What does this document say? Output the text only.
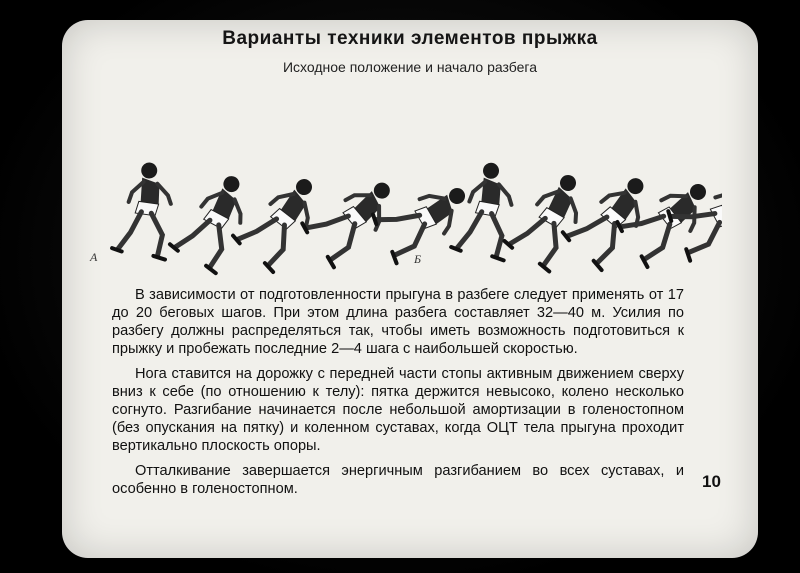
Варианты техники элементов прыжка
Исходное положение и начало разбега
А	Б

В зависимости от подготовленности прыгуна в разбеге следует применять от 17 до 20 беговых шагов. При этом длина разбега составляет 32—40 м. Усилия по разбегу должны распределяться так, чтобы иметь возможность подготовиться к прыжку и пробежать последние 2—4 шага с наибольшей скоростью.

Нога ставится на дорожку с передней части стопы активным движением сверху вниз к себе (по отношению к телу): пятка держится невысоко, колено несколько согнуто. Разгибание начинается после небольшой амортизации в голеностопном (без опускания на пятку) и коленном суставах, когда ОЦТ тела прыгуна проходит вертикально плоскость опоры.

Отталкивание завершается энергичным разгибанием во всех суставах, и особенно в голеностопном.	10
